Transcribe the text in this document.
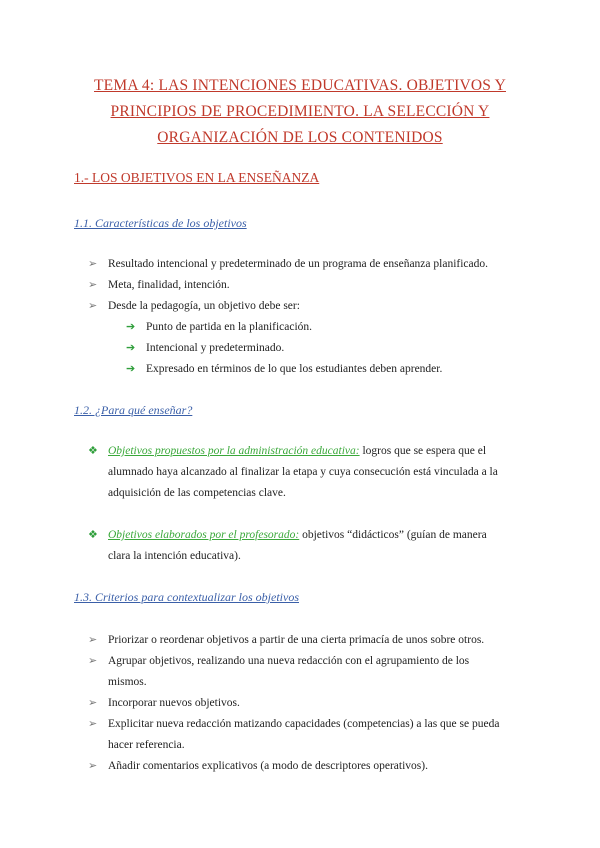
TEMA 4: LAS INTENCIONES EDUCATIVAS. OBJETIVOS Y
PRINCIPIOS DE PROCEDIMIENTO. LA SELECCIÓN Y
ORGANIZACIÓN DE LOS CONTENIDOS
1.- LOS OBJETIVOS EN LA ENSEÑANZA
1.1. Características de los objetivos
➢ Resultado intencional y predeterminado de un programa de enseñanza planificado.
➢ Meta, finalidad, intención.
➢ Desde la pedagogía, un objetivo debe ser:
➔ Punto de partida en la planificación.
➔ Intencional y predeterminado.
➔ Expresado en términos de lo que los estudiantes deben aprender.
1.2. ¿Para qué enseñar?
❖ Objetivos propuestos por la administración educativa: logros que se espera que el
alumnado haya alcanzado al finalizar la etapa y cuya consecución está vinculada a la
adquisición de las competencias clave.
❖ Objetivos elaborados por el profesorado: objetivos “didácticos” (guían de manera
clara la intención educativa).
1.3. Criterios para contextualizar los objetivos
➢ Priorizar o reordenar objetivos a partir de una cierta primacía de unos sobre otros.
➢ Agrupar objetivos, realizando una nueva redacción con el agrupamiento de los
mismos.
➢ Incorporar nuevos objetivos.
➢ Explicitar nueva redacción matizando capacidades (competencias) a las que se pueda
hacer referencia.
➢ Añadir comentarios explicativos (a modo de descriptores operativos).
